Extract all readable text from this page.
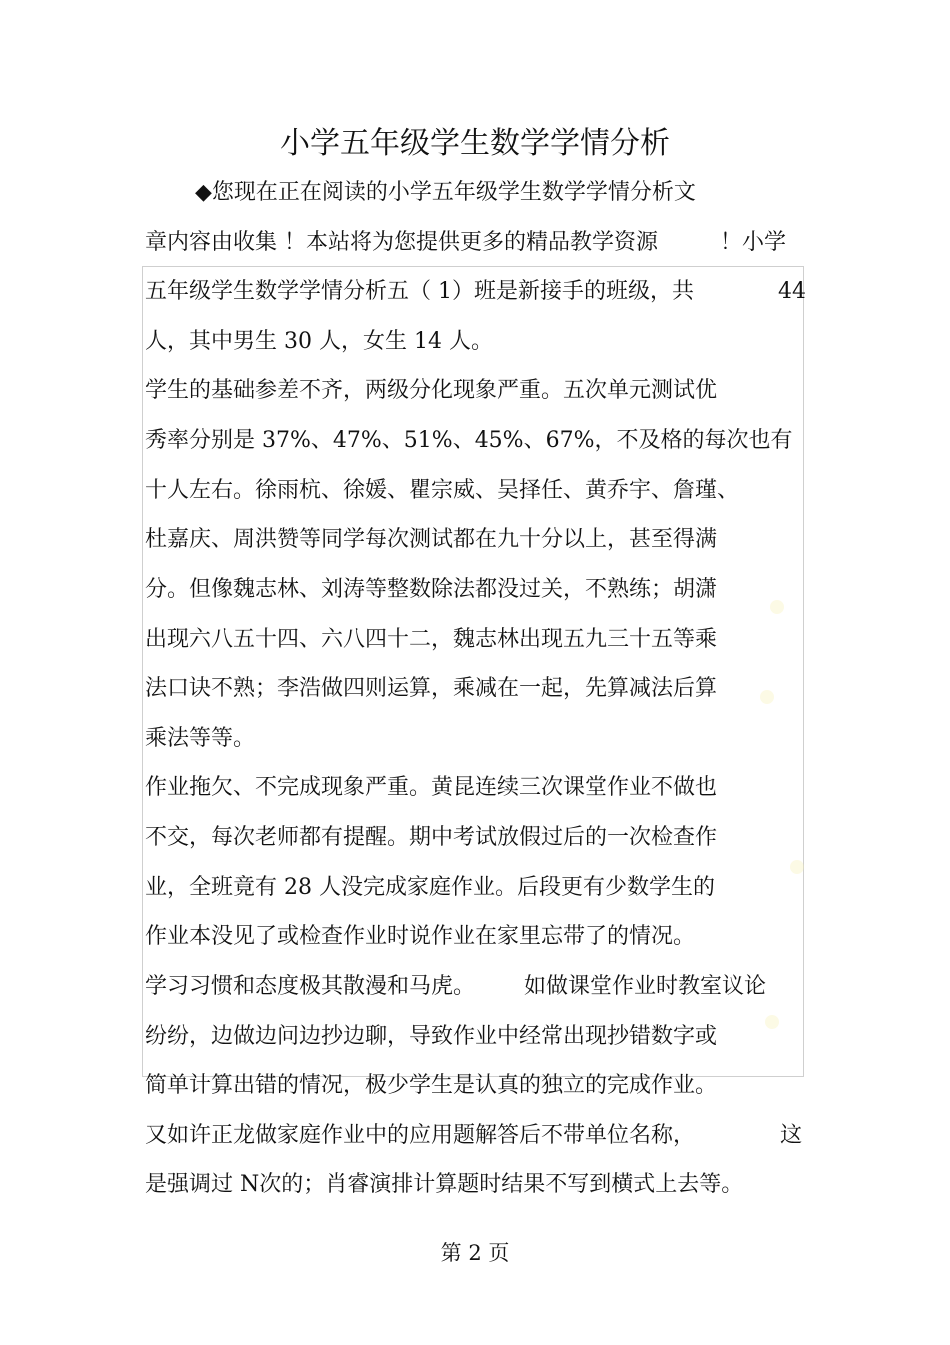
小学五年级学生数学学情分析
◆您现在正在阅读的小学五年级学生数学学情分析文
章内容由收集 ！本站将为您提供更多的精品教学资源	！小学
五年级学生数学学情分析五（ 1）班是新接手的班级，共	44
人，其中男生 30 人，女生 14 人。
学生的基础参差不齐，两级分化现象严重。五次单元测试优
秀率分别是 37%、47%、51%、45%、67%，不及格的每次也有
十人左右。徐雨杭、徐媛、瞿宗威、吴择任、黄乔宇、詹瑾、
杜嘉庆、周洪赞等同学每次测试都在九十分以上，甚至得满
分。但像魏志林、刘涛等整数除法都没过关，不熟练；胡潇
出现六八五十四、六八四十二，魏志林出现五九三十五等乘
法口诀不熟；李浩做四则运算，乘减在一起，先算减法后算
乘法等等。
作业拖欠、不完成现象严重。黄昆连续三次课堂作业不做也
不交，每次老师都有提醒。期中考试放假过后的一次检查作
业，全班竟有 28 人没完成家庭作业。后段更有少数学生的
作业本没见了或检查作业时说作业在家里忘带了的情况。
学习习惯和态度极其散漫和马虎。 如做课堂作业时教室议论
纷纷，边做边问边抄边聊，导致作业中经常出现抄错数字或
简单计算出错的情况，极少学生是认真的独立的完成作业。
又如许正龙做家庭作业中的应用题解答后不带单位名称，	这
是强调过 N次的；肖睿演排计算题时结果不写到横式上去等。
第 2 页
